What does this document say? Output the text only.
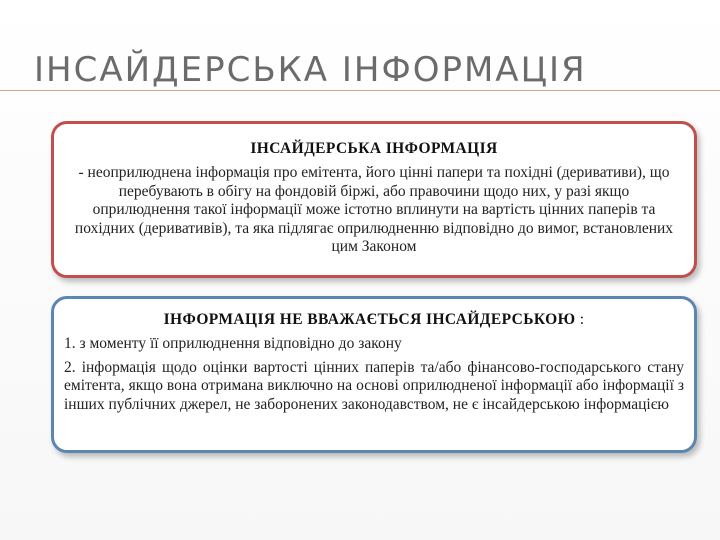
ІНСАЙДЕРСЬКА ІНФОРМАЦІЯ

ІНСАЙДЕРСЬКА ІНФОРМАЦІЯ

- неоприлюднена інформація про емітента, його цінні папери та похідні (деривативи), що перебувають в обігу на фондовій біржі, або правочини щодо них, у разі якщо оприлюднення такої інформації може істотно вплинути на вартість цінних паперів та похідних (деривативів), та яка підлягає оприлюдненню відповідно до вимог, встановлених цим Законом

ІНФОРМАЦІЯ НЕ ВВАЖАЄТЬСЯ ІНСАЙДЕРСЬКОЮ :

1. з моменту її оприлюднення відповідно до закону
2. інформація щодо оцінки вартості цінних паперів та/або фінансово-господарського стану емітента, якщо вона отримана виключно на основі оприлюдненої інформації або інформації з інших публічних джерел, не заборонених законодавством, не є інсайдерською інформацією
